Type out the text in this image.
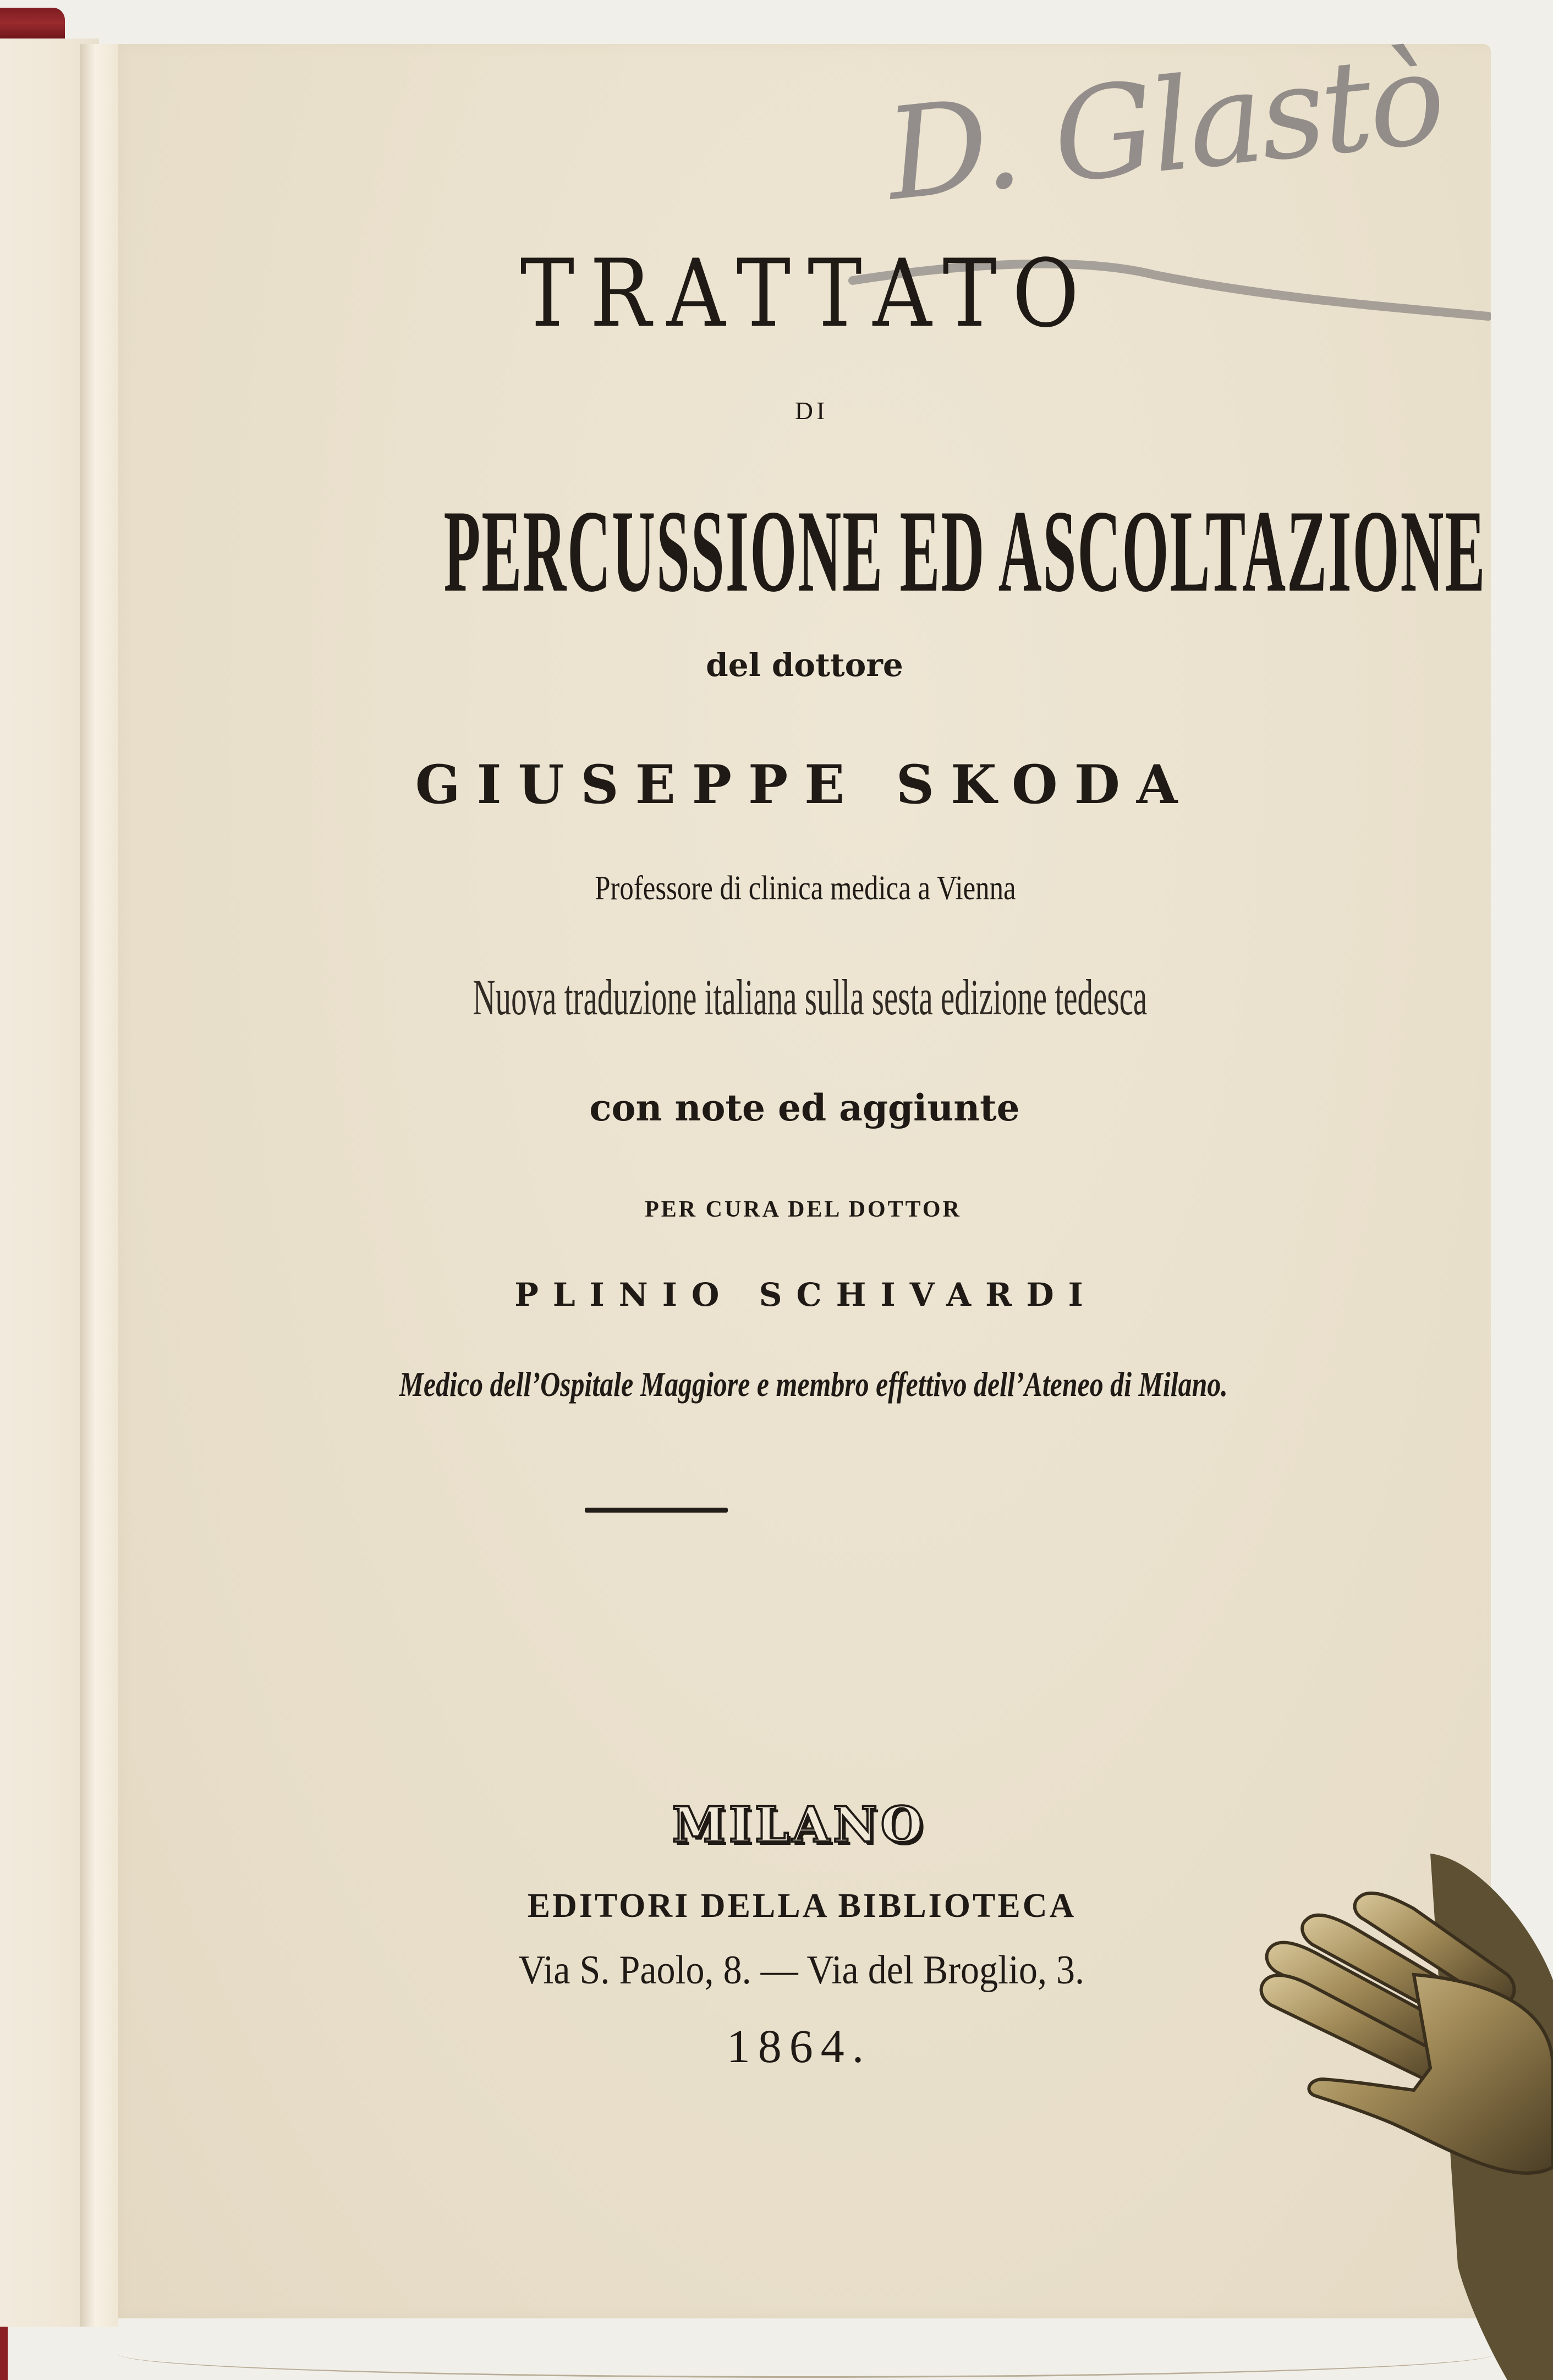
D. Glastò
TRATTATO
DI
PERCUSSIONE ED ASCOLTAZIONE
del dottore
GIUSEPPE SKODA
Professore di clinica medica a Vienna
Nuova traduzione italiana sulla sesta edizione tedesca
con note ed aggiunte
PER CURA DEL DOTTOR
PLINIO SCHIVARDI
Medico dell’Ospitale Maggiore e membro effettivo dell’Ateneo di Milano.
MILANO
EDITORI DELLA BIBLIOTECA
Via S. Paolo, 8. — Via del Broglio, 3.
1864.
